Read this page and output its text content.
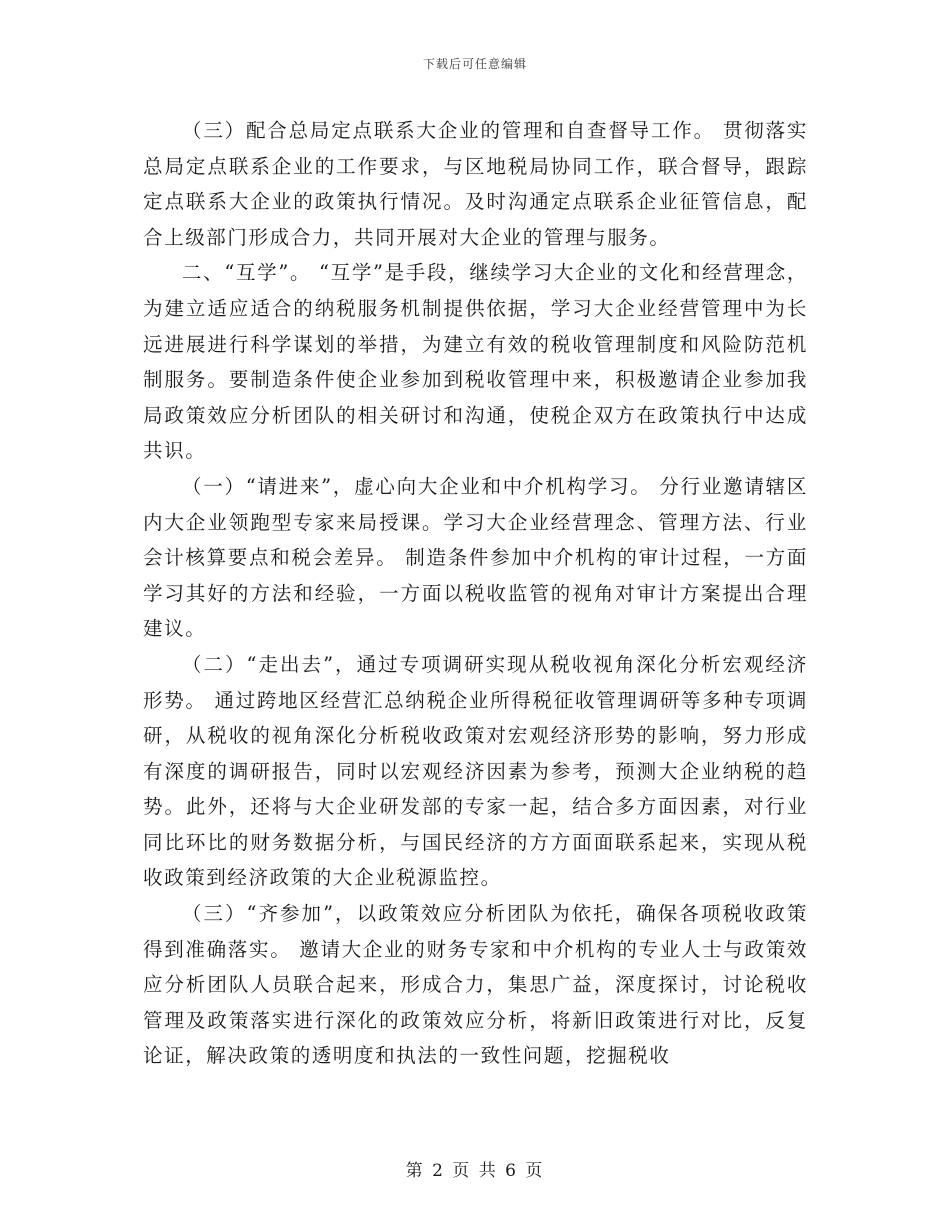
下载后可任意编辑

（三）配合总局定点联系大企业的管理和自查督导工作。 贯彻落实总局定点联系企业的工作要求，与区地税局协同工作，联合督导，跟踪定点联系大企业的政策执行情况。及时沟通定点联系企业征管信息，配合上级部门形成合力，共同开展对大企业的管理与服务。

二、“互学”。 “互学”是手段，继续学习大企业的文化和经营理念，为建立适应适合的纳税服务机制提供依据，学习大企业经营管理中为长远进展进行科学谋划的举措，为建立有效的税收管理制度和风险防范机制服务。要制造条件使企业参加到税收管理中来，积极邀请企业参加我局政策效应分析团队的相关研讨和沟通，使税企双方在政策执行中达成共识。

（一）“请进来”，虚心向大企业和中介机构学习。 分行业邀请辖区内大企业领跑型专家来局授课。学习大企业经营理念、管理方法、行业会计核算要点和税会差异。 制造条件参加中介机构的审计过程，一方面学习其好的方法和经验，一方面以税收监管的视角对审计方案提出合理建议。

（二）“走出去”，通过专项调研实现从税收视角深化分析宏观经济形势。 通过跨地区经营汇总纳税企业所得税征收管理调研等多种专项调研，从税收的视角深化分析税收政策对宏观经济形势的影响，努力形成有深度的调研报告，同时以宏观经济因素为参考，预测大企业纳税的趋势。此外，还将与大企业研发部的专家一起，结合多方面因素，对行业同比环比的财务数据分析，与国民经济的方方面面联系起来，实现从税收政策到经济政策的大企业税源监控。

（三）“齐参加”，以政策效应分析团队为依托，确保各项税收政策得到准确落实。 邀请大企业的财务专家和中介机构的专业人士与政策效应分析团队人员联合起来，形成合力，集思广益，深度探讨，讨论税收管理及政策落实进行深化的政策效应分析，将新旧政策进行对比，反复论证，解决政策的透明度和执法的一致性问题，挖掘税收

第 2 页 共 6 页
